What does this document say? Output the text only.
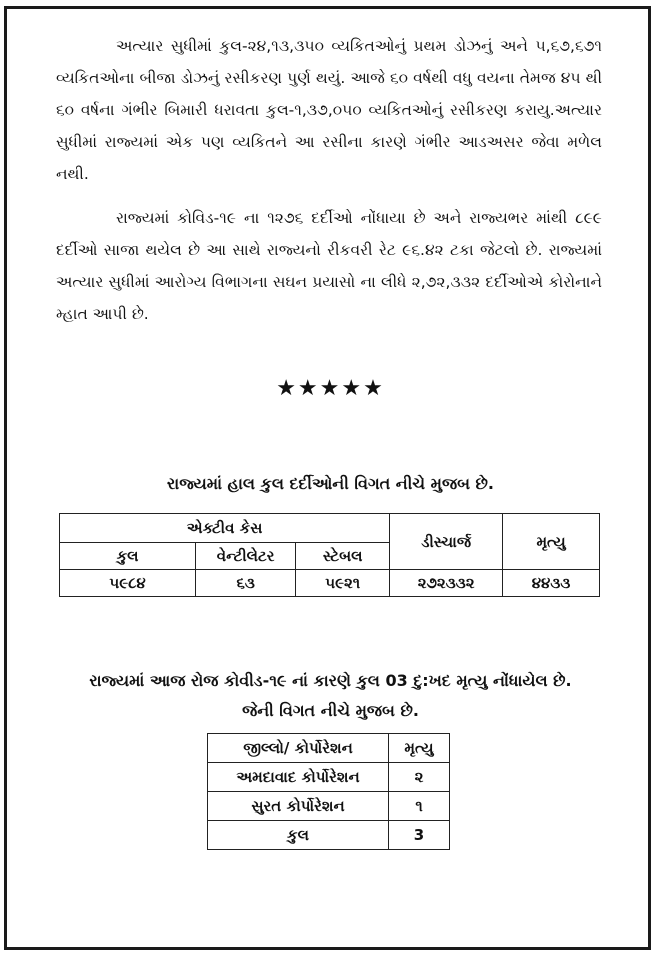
અત્યાર સુધીમાં કુલ-૨૪,૧૩,૩૫૦ વ્યકિતઓનું પ્રથમ ડોઝનું અને ૫,૬૭,૬૭૧ વ્યકિતઓના બીજા ડોઝનું રસીકરણ પુર્ણ થયું. આજે ૬૦ વર્ષથી વધુ વયના તેમજ ૪૫ થી ૬૦ વર્ષના ગંભીર બિમારી ધરાવતા કુલ-૧,૩૭,૦૫૦ વ્યકિતઓનું રસીકરણ કરાયુ.અત્યાર સુધીમાં રાજ્યમાં એક પણ વ્યકિતને આ રસીના કારણે ગંભીર આડઅસર જેવા મળેલ નથી.

રાજ્યમાં કોવિડ-૧૯ ના ૧૨૭૬ દર્દીઓ નોંધાયા છે અને રાજ્યભર માંથી ૮૯૯ દર્દીઓ સાજા થયેલ છે આ સાથે રાજ્યનો રીકવરી રેટ ૯૬.૪૨ ટકા જેટલો છે. રાજ્યમાં અત્યાર સુધીમાં આરોગ્ય વિભાગના સઘન પ્રયાસો ના લીધે ૨,૭૨,૩૩૨ દર્દીઓએ કોરોનાને મ્હાત આપી છે.

★★★★★

રાજ્યમાં હાલ કુલ દર્દીઓની વિગત નીચે મુજબ છે.

એક્ટીવ કેસ			ડીસ્ચાર્જ	મૃત્યુ
કુલ	વેન્ટીલેટર	સ્ટેબલ		
૫૯૮૪	૬૩	૫૯૨૧	૨૭૨૩૩૨	૪૪૩૩

રાજ્યમાં આજ રોજ કોવીડ-૧૯ નાં કારણે કુલ 03 દુ:ખદ મૃત્યુ નોંધાયેલ છે.
જેની વિગત નીચે મુજબ છે.

જીલ્લો/ કોર્પોરેશન	મૃત્યુ
અમદાવાદ કોર્પોરેશન	૨
સુરત કોર્પોરેશન	૧
કુલ	3
